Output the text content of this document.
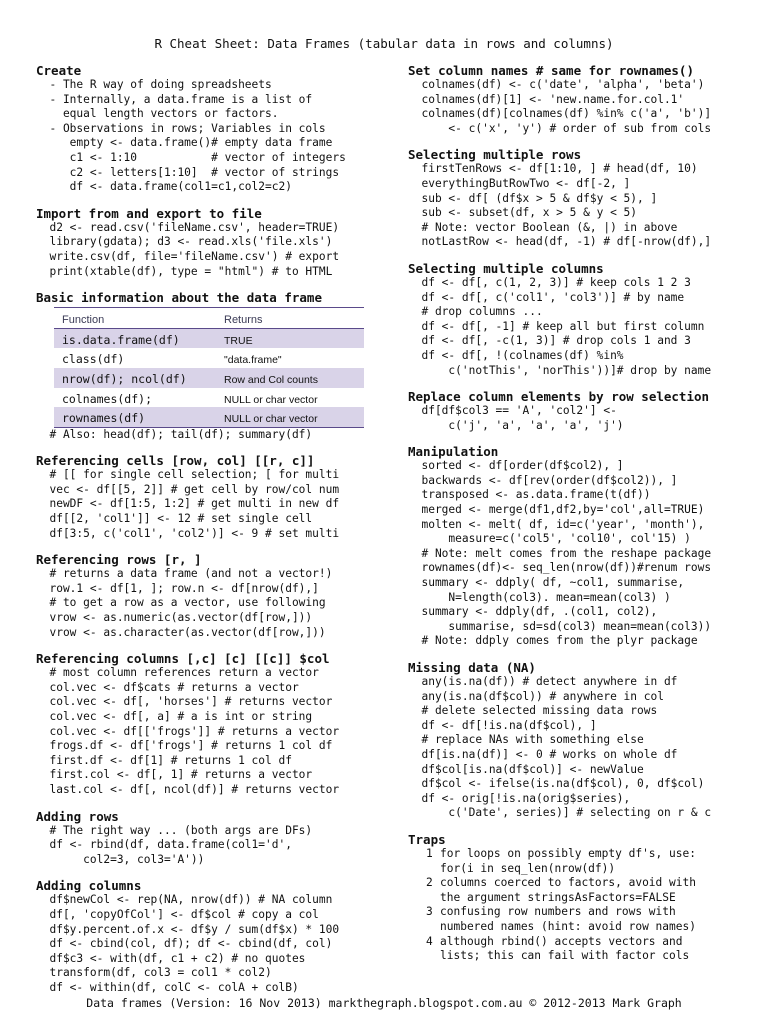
R Cheat Sheet: Data Frames (tabular data in rows and columns)
Create
- The R way of doing spreadsheets
- Internally, a data.frame is a list of
equal length vectors or factors.
- Observations in rows; Variables in cols
empty <- data.frame()# empty data frame
c1 <- 1:10           # vector of integers
c2 <- letters[1:10]  # vector of strings
df <- data.frame(col1=c1,col2=c2)
Import from and export to file
d2 <- read.csv('fileName.csv', header=TRUE)
library(gdata); d3 <- read.xls('file.xls')
write.csv(df, file='fileName.csv') # export
print(xtable(df), type = "html") # to HTML
Basic information about the data frame
Function	Returns
is.data.frame(df)	TRUE
class(df)	"data.frame"
nrow(df); ncol(df)	Row and Col counts
colnames(df);	NULL or char vector
rownames(df)	NULL or char vector
# Also: head(df); tail(df); summary(df)
Referencing cells [row, col] [[r, c]]
# [[ for single cell selection; [ for multi
vec <- df[[5, 2]] # get cell by row/col num
newDF <- df[1:5, 1:2] # get multi in new df
df[[2, 'col1']] <- 12 # set single cell
df[3:5, c('col1', 'col2')] <- 9 # set multi
Referencing rows [r, ]
# returns a data frame (and not a vector!)
row.1 <- df[1, ]; row.n <- df[nrow(df),]
# to get a row as a vector, use following
vrow <- as.numeric(as.vector(df[row,]))
vrow <- as.character(as.vector(df[row,]))
Referencing columns [,c] [c] [[c]] $col
# most column references return a vector
col.vec <- df$cats # returns a vector
col.vec <- df[, 'horses'] # returns vector
col.vec <- df[, a] # a is int or string
col.vec <- df[['frogs']] # returns a vector
frogs.df <- df['frogs'] # returns 1 col df
first.df <- df[1] # returns 1 col df
first.col <- df[, 1] # returns a vector
last.col <- df[, ncol(df)] # returns vector
Adding rows
# The right way ... (both args are DFs)
df <- rbind(df, data.frame(col1='d',
col2=3, col3='A'))
Adding columns
df$newCol <- rep(NA, nrow(df)) # NA column
df[, 'copyOfCol'] <- df$col # copy a col
df$y.percent.of.x <- df$y / sum(df$x) * 100
df <- cbind(col, df); df <- cbind(df, col)
df$c3 <- with(df, c1 + c2) # no quotes
transform(df, col3 = col1 * col2)
df <- within(df, colC <- colA + colB)
Set column names # same for rownames()
colnames(df) <- c('date', 'alpha', 'beta')
colnames(df)[1] <- 'new.name.for.col.1'
colnames(df)[colnames(df) %in% c('a', 'b')]
<- c('x', 'y') # order of sub from cols
Selecting multiple rows
firstTenRows <- df[1:10, ] # head(df, 10)
everythingButRowTwo <- df[-2, ]
sub <- df[ (df$x > 5 & df$y < 5), ]
sub <- subset(df, x > 5 & y < 5)
# Note: vector Boolean (&, |) in above
notLastRow <- head(df, -1) # df[-nrow(df),]
Selecting multiple columns
df <- df[, c(1, 2, 3)] # keep cols 1 2 3
df <- df[, c('col1', 'col3')] # by name
# drop columns ...
df <- df[, -1] # keep all but first column
df <- df[, -c(1, 3)] # drop cols 1 and 3
df <- df[, !(colnames(df) %in%
c('notThis', 'norThis'))]# drop by name
Replace column elements by row selection
df[df$col3 == 'A', 'col2'] <-
c('j', 'a', 'a', 'a', 'j')
Manipulation
sorted <- df[order(df$col2), ]
backwards <- df[rev(order(df$col2)), ]
transposed <- as.data.frame(t(df))
merged <- merge(df1,df2,by='col',all=TRUE)
molten <- melt( df, id=c('year', 'month'),
measure=c('col5', 'col10', col'15) )
# Note: melt comes from the reshape package
rownames(df)<- seq_len(nrow(df))#renum rows
summary <- ddply( df, ~col1, summarise,
N=length(col3). mean=mean(col3) )
summary <- ddply(df, .(col1, col2),
summarise, sd=sd(col3) mean=mean(col3))
# Note: ddply comes from the plyr package
Missing data (NA)
any(is.na(df)) # detect anywhere in df
any(is.na(df$col)) # anywhere in col
# delete selected missing data rows
df <- df[!is.na(df$col), ]
# replace NAs with something else
df[is.na(df)] <- 0 # works on whole df
df$col[is.na(df$col)] <- newValue
df$col <- ifelse(is.na(df$col), 0, df$col)
df <- orig[!is.na(orig$series),
c('Date', series)] # selecting on r & c
Traps
1 for loops on possibly empty df's, use:
for(i in seq_len(nrow(df))
2 columns coerced to factors, avoid with
the argument stringsAsFactors=FALSE
3 confusing row numbers and rows with
numbered names (hint: avoid row names)
4 although rbind() accepts vectors and
lists; this can fail with factor cols
Data frames (Version: 16 Nov 2013) markthegraph.blogspot.com.au © 2012-2013 Mark Graph
